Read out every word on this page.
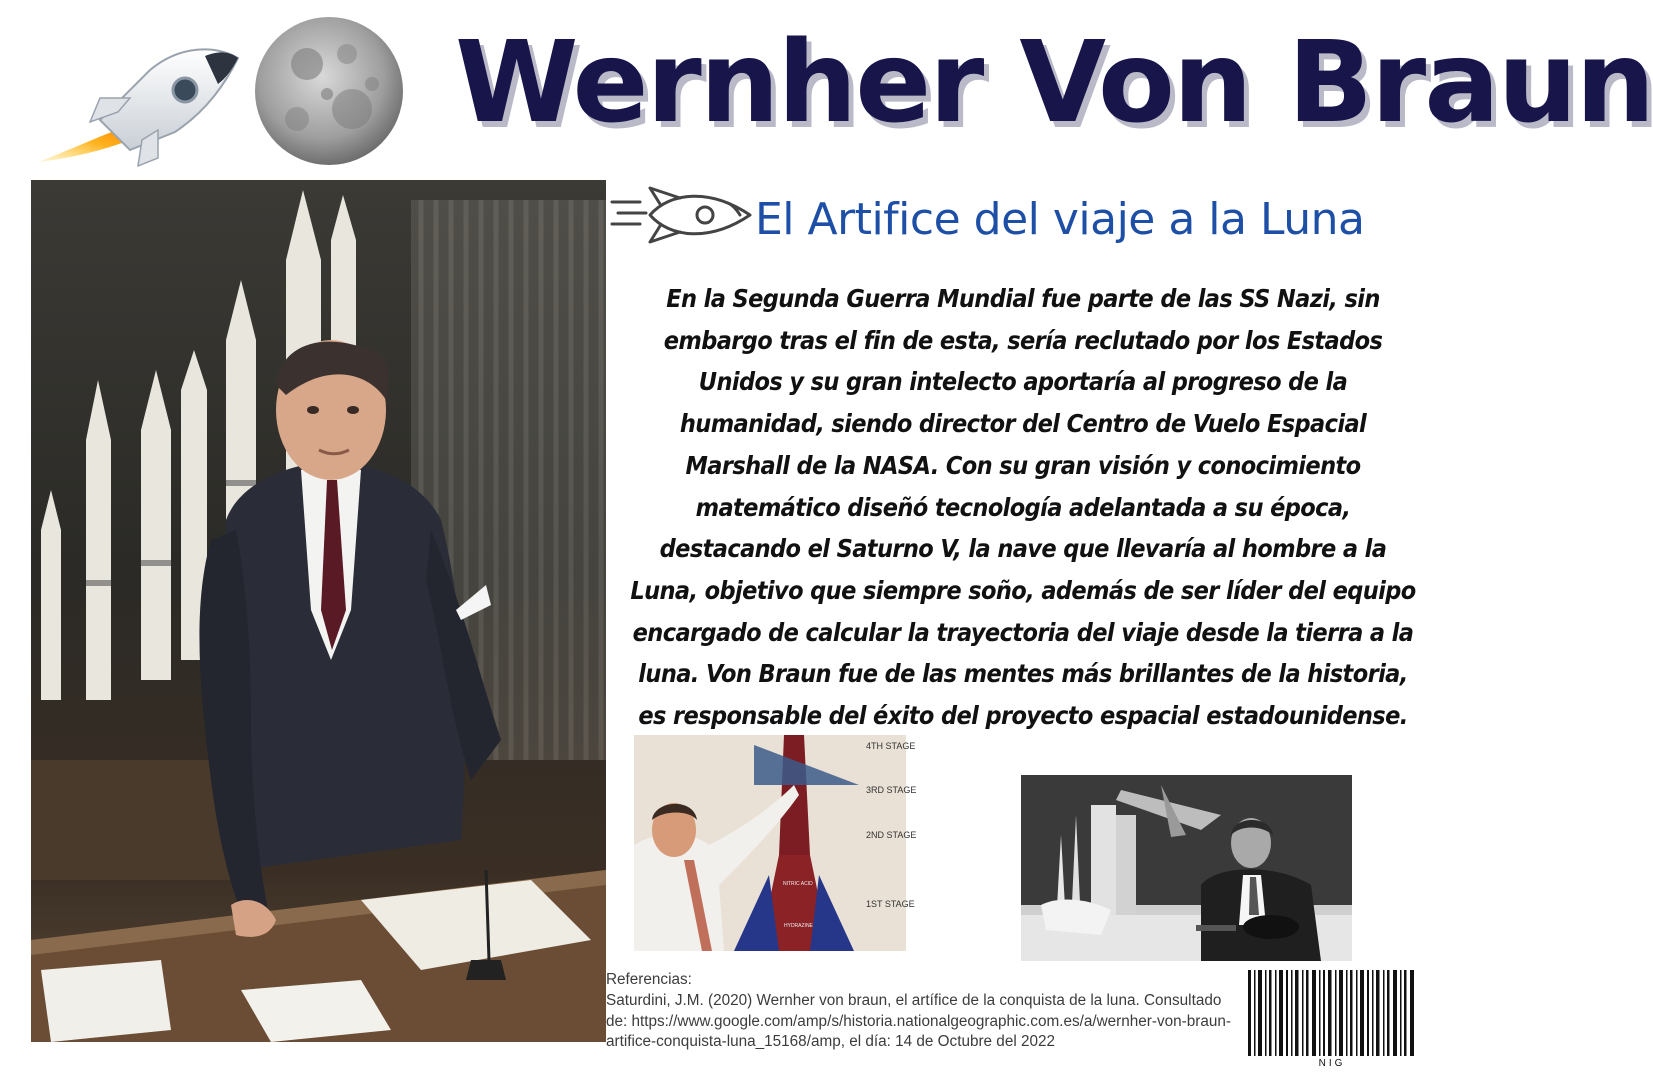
Wernher Von Braun
El Artifice del viaje a la Luna
En la Segunda Guerra Mundial fue parte de las SS Nazi, sin embargo tras el fin de esta, sería reclutado por los Estados Unidos y su gran intelecto aportaría al progreso de la humanidad, siendo director del Centro de Vuelo Espacial Marshall de la NASA. Con su gran visión y conocimiento matemático diseñó tecnología adelantada a su época, destacando el Saturno V, la nave que llevaría al hombre a la Luna, objetivo que siempre soño, además de ser líder del equipo encargado de calcular la trayectoria del viaje desde la tierra a la luna. Von Braun fue de las mentes más brillantes de la historia, es responsable del éxito del proyecto espacial estadounidense.
4TH STAGE
3RD STAGE
2ND STAGE
1ST STAGE
NITRIC ACID
HYDRAZINE

Referencias:

Saturdini, J.M. (2020) Wernher von braun, el artífice de la conquista de la luna. Consultado de: https://www.google.com/amp/s/historia.nationalgeographic.com.es/a/wernher-von-braun-artifice-conquista-luna_15168/amp, el día: 14 de Octubre del 2022

NIG
